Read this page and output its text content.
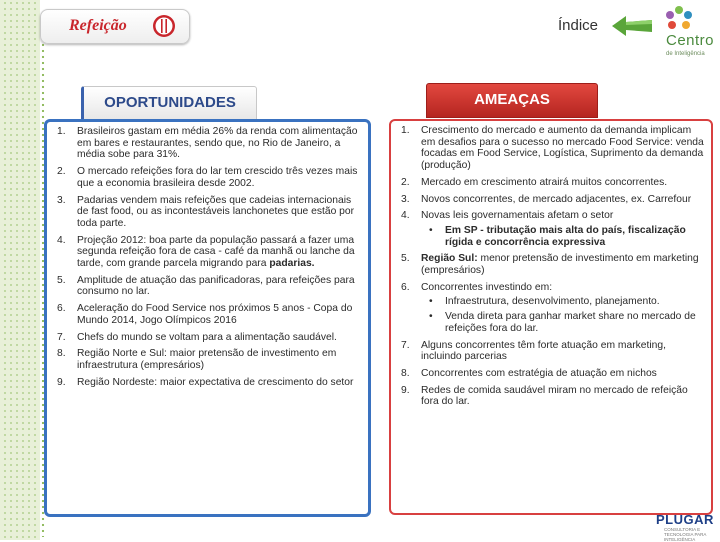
Refeição	Índice
Centro
de Inteligência
OPORTUNIDADES
1. Brasileiros gastam em média 26% da renda com alimentação em bares e restaurantes, sendo que, no Rio de Janeiro, a média sobe para 31%.
2. O mercado refeições fora do lar tem crescido três vezes mais que a economia brasileira desde 2002.
3. Padarias vendem mais refeições que cadeias internacionais de fast food, ou as incontestáveis lanchonetes que estão por toda parte.
4. Projeção 2012: boa parte da população passará a fazer uma segunda refeição fora de casa - café da manhã ou lanche da tarde, com grande parcela migrando para padarias.
5. Amplitude de atuação das panificadoras, para refeições para consumo no lar.
6. Aceleração do Food Service nos próximos 5 anos - Copa do Mundo 2014, Jogo Olímpicos 2016
7. Chefs do mundo se voltam para a alimentação saudável.
8. Região Norte e Sul: maior pretensão de investimento em infraestrutura (empresários)
9. Região Nordeste: maior expectativa de crescimento do setor
AMEAÇAS
1. Crescimento do mercado e aumento da demanda implicam em desafios para o sucesso no mercado Food Service: venda focadas em Food Service, Logística, Suprimento da demanda (produção)
2. Mercado em crescimento atrairá muitos concorrentes.
3. Novos concorrentes, de mercado adjacentes, ex. Carrefour
4. Novas leis governamentais afetam o setor
• Em SP - tributação mais alta do país, fiscalização rígida e concorrência expressiva
5. Região Sul: menor pretensão de investimento em marketing (empresários)
6. Concorrentes investindo em:
• Infraestrutura, desenvolvimento, planejamento.
• Venda direta para ganhar market share no mercado de refeições fora do lar.
7. Alguns concorrentes têm forte atuação em marketing, incluindo parcerias
8. Concorrentes com estratégia de atuação em nichos
9. Redes de comida saudável miram no mercado de refeição fora do lar.
PLUGAR
CONSULTORIA E TECNOLOGIA PARA INTELIGÊNCIA
